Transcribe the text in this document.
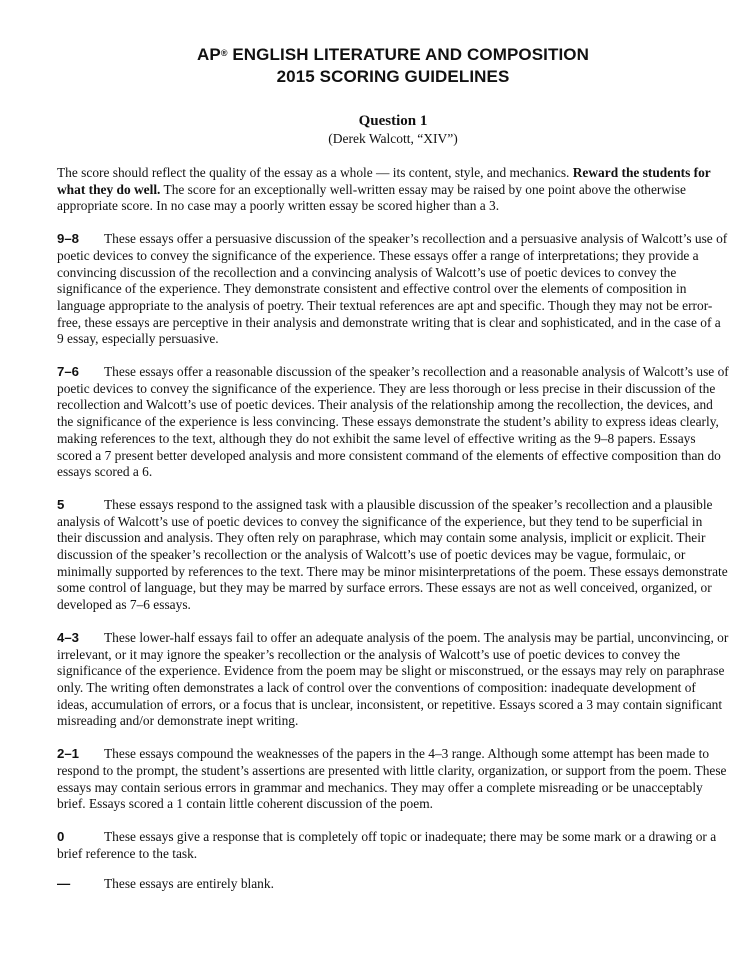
AP® ENGLISH LITERATURE AND COMPOSITION
2015 SCORING GUIDELINES
Question 1
(Derek Walcott, “XIV”)

The score should reflect the quality of the essay as a whole — its content, style, and mechanics. Reward the students for what they do well. The score for an exceptionally well-written essay may be raised by one point above the otherwise appropriate score. In no case may a poorly written essay be scored higher than a 3.

9–8 These essays offer a persuasive discussion of the speaker’s recollection and a persuasive analysis of Walcott’s use of poetic devices to convey the significance of the experience. These essays offer a range of interpretations; they provide a convincing discussion of the recollection and a convincing analysis of Walcott’s use of poetic devices to convey the significance of the experience. They demonstrate consistent and effective control over the elements of composition in language appropriate to the analysis of poetry. Their textual references are apt and specific. Though they may not be error-free, these essays are perceptive in their analysis and demonstrate writing that is clear and sophisticated, and in the case of a 9 essay, especially persuasive.

7–6 These essays offer a reasonable discussion of the speaker’s recollection and a reasonable analysis of Walcott’s use of poetic devices to convey the significance of the experience. They are less thorough or less precise in their discussion of the recollection and Walcott’s use of poetic devices. Their analysis of the relationship among the recollection, the devices, and the significance of the experience is less convincing. These essays demonstrate the student’s ability to express ideas clearly, making references to the text, although they do not exhibit the same level of effective writing as the 9–8 papers. Essays scored a 7 present better developed analysis and more consistent command of the elements of effective composition than do essays scored a 6.

5	These essays respond to the assigned task with a plausible discussion of the speaker’s recollection and a plausible analysis of Walcott’s use of poetic devices to convey the significance of the experience, but they tend to be superficial in their discussion and analysis. They often rely on paraphrase, which may contain some analysis, implicit or explicit. Their discussion of the speaker’s recollection or the analysis of Walcott’s use of poetic devices may be vague, formulaic, or minimally supported by references to the text. There may be minor misinterpretations of the poem. These essays demonstrate some control of language, but they may be marred by surface errors. These essays are not as well conceived, organized, or developed as 7–6 essays.

4–3 These lower-half essays fail to offer an adequate analysis of the poem. The analysis may be partial, unconvincing, or irrelevant, or it may ignore the speaker’s recollection or the analysis of Walcott’s use of poetic devices to convey the significance of the experience. Evidence from the poem may be slight or misconstrued, or the essays may rely on paraphrase only. The writing often demonstrates a lack of control over the conventions of composition: inadequate development of ideas, accumulation of errors, or a focus that is unclear, inconsistent, or repetitive. Essays scored a 3 may contain significant misreading and/or demonstrate inept writing.

2–1 These essays compound the weaknesses of the papers in the 4–3 range. Although some attempt has been made to respond to the prompt, the student’s assertions are presented with little clarity, organization, or support from the poem. These essays may contain serious errors in grammar and mechanics. They may offer a complete misreading or be unacceptably brief. Essays scored a 1 contain little coherent discussion of the poem.

0	These essays give a response that is completely off topic or inadequate; there may be some mark or a drawing or a brief reference to the task.

—	These essays are entirely blank.
